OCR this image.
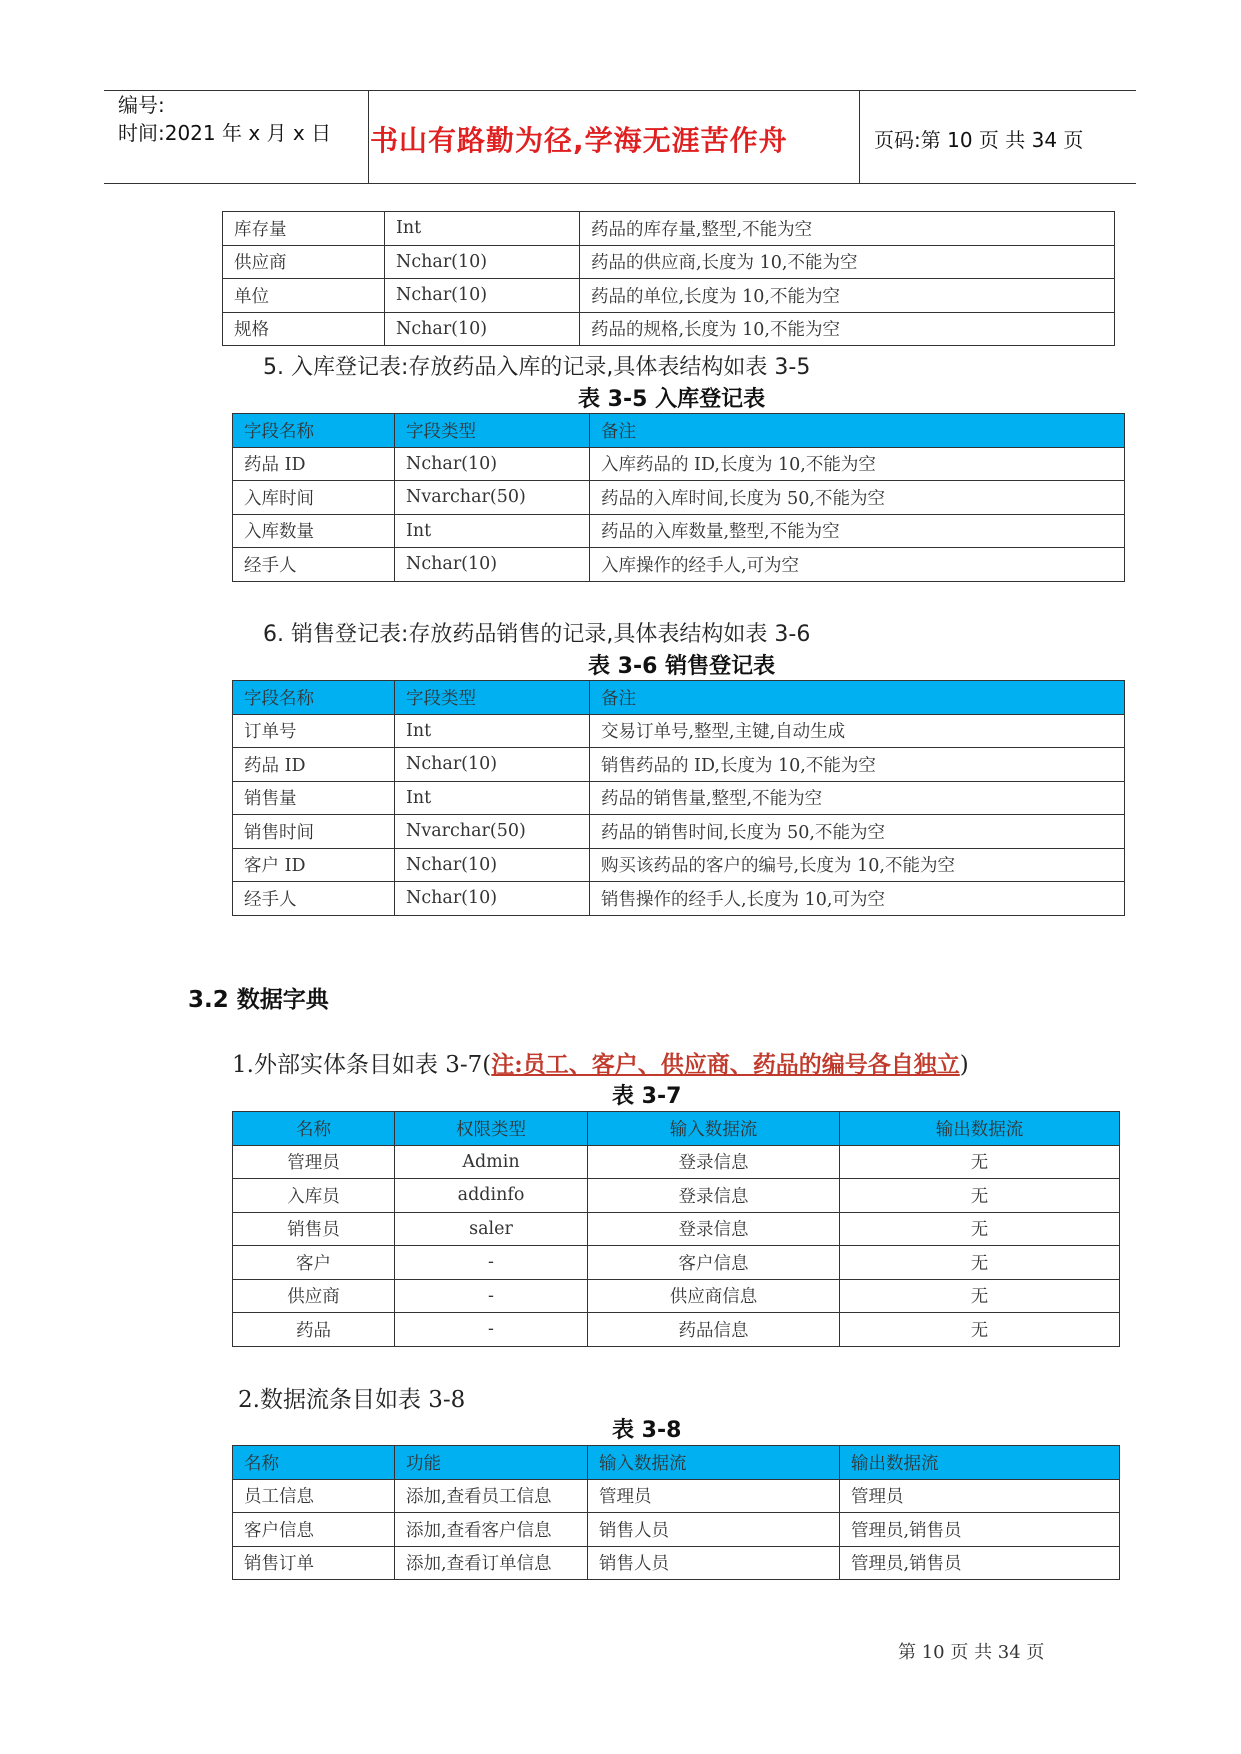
编号:
时间:2021 年 x 月 x 日 书山有路勤为径,学海无涯苦作舟	页码:第 10 页 共 34 页
库存量	Int	药品的库存量,整型,不能为空
供应商	Nchar(10)	药品的供应商,长度为 10,不能为空
单位	Nchar(10)	药品的单位,长度为 10,不能为空
规格	Nchar(10)	药品的规格,长度为 10,不能为空
5. 入库登记表:存放药品入库的记录,具体表结构如表 3-5
表 3-5 入库登记表
字段名称	字段类型	备注
药品 ID	Nchar(10)	入库药品的 ID,长度为 10,不能为空
入库时间	Nvarchar(50)	药品的入库时间,长度为 50,不能为空
入库数量	Int	药品的入库数量,整型,不能为空
经手人	Nchar(10)	入库操作的经手人,可为空
6. 销售登记表:存放药品销售的记录,具体表结构如表 3-6
表 3-6 销售登记表
字段名称	字段类型	备注
订单号	Int	交易订单号,整型,主键,自动生成
药品 ID	Nchar(10)	销售药品的 ID,长度为 10,不能为空
销售量	Int	药品的销售量,整型,不能为空
销售时间	Nvarchar(50)	药品的销售时间,长度为 50,不能为空
客户 ID	Nchar(10)	购买该药品的客户的编号,长度为 10,不能为空
经手人	Nchar(10)	销售操作的经手人,长度为 10,可为空
3.2 数据字典
1.外部实体条目如表 3-7(注:员工、客户、供应商、药品的编号各自独立)
表 3-7
名称	权限类型	输入数据流	输出数据流
管理员	Admin	登录信息	无
入库员	addinfo	登录信息	无
销售员	saler	登录信息	无
客户	-	客户信息	无
供应商	-	供应商信息	无
药品	-	药品信息	无
2.数据流条目如表 3-8
表 3-8
名称	功能	输入数据流	输出数据流
员工信息	添加,查看员工信息	管理员	管理员
客户信息	添加,查看客户信息	销售人员	管理员,销售员
销售订单	添加,查看订单信息	销售人员	管理员,销售员
第 10 页 共 34 页
